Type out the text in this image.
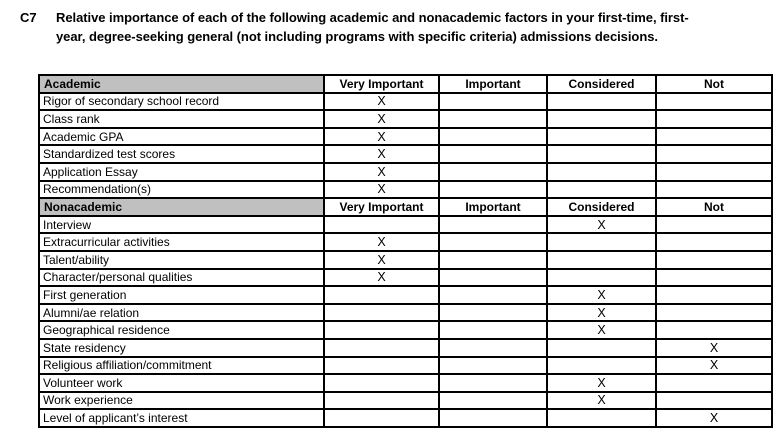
C7	Relative importance of each of the following academic and nonacademic factors in your first-time, first-
year, degree-seeking general (not including programs with specific criteria) admissions decisions.
Academic	Very Important	Important	Considered	Not
Rigor of secondary school record	X			
Class rank	X			
Academic GPA	X			
Standardized test scores	X			
Application Essay	X			
Recommendation(s)	X			
Nonacademic	Very Important	Important	Considered	Not
Interview			X	
Extracurricular activities	X			
Talent/ability	X			
Character/personal qualities	X			
First generation			X	
Alumni/ae relation			X	
Geographical residence			X	
State residency				X
Religious affiliation/commitment				X
Volunteer work			X	
Work experience			X	
Level of applicant’s interest				X
